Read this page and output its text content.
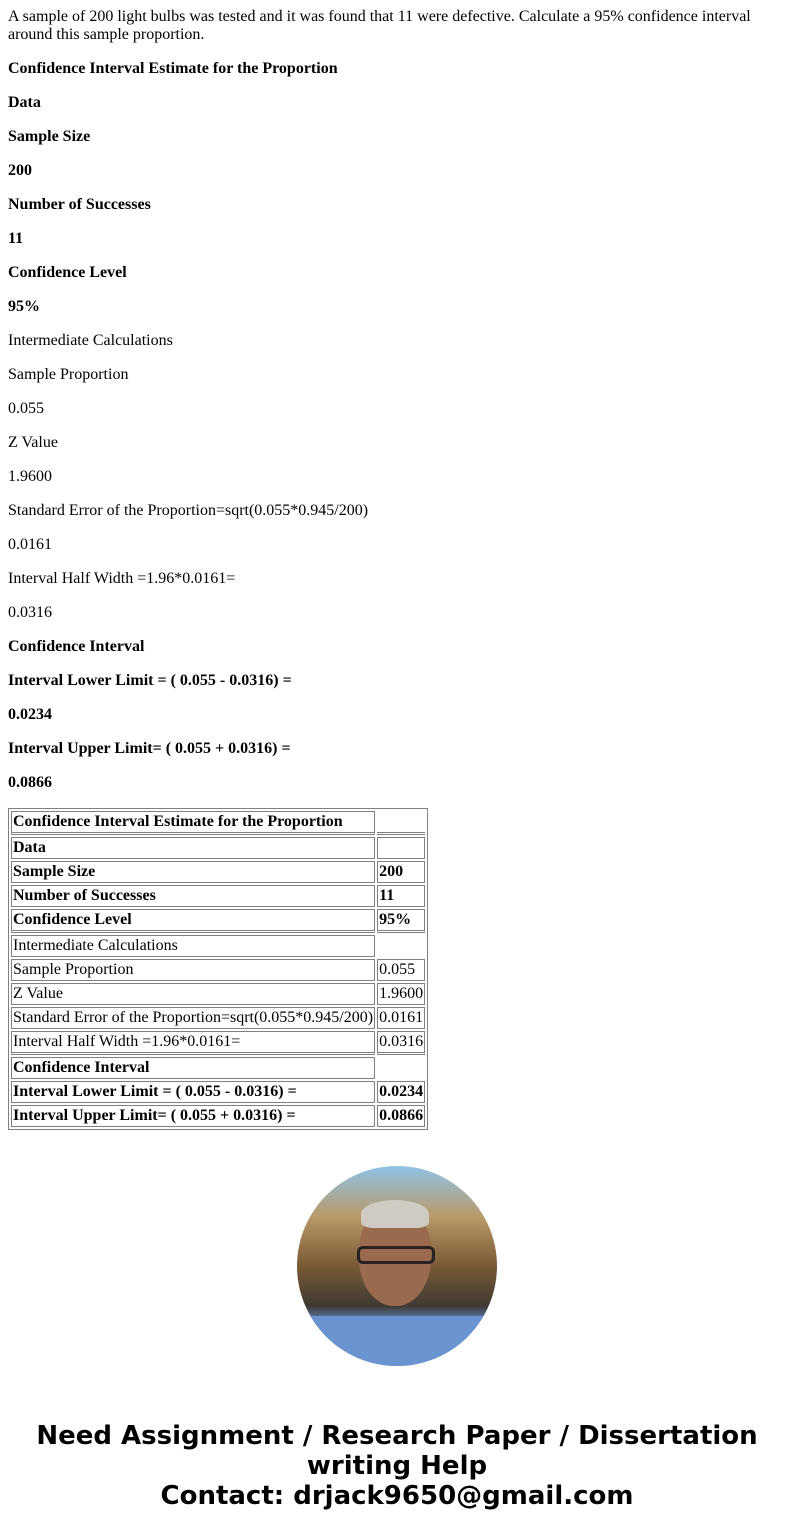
A sample of 200 light bulbs was tested and it was found that 11 were defective. Calculate a 95% confidence interval around this sample proportion.

Confidence Interval Estimate for the Proportion

Data

Sample Size

200

Number of Successes

11

Confidence Level

95%

Intermediate Calculations

Sample Proportion

0.055

Z Value

1.9600

Standard Error of the Proportion=sqrt(0.055*0.945/200)

0.0161

Interval Half Width =1.96*0.0161=

0.0316

Confidence Interval

Interval Lower Limit = ( 0.055 - 0.0316) =

0.0234

Interval Upper Limit= ( 0.055 + 0.0316) =

0.0866

Confidence Interval Estimate for the Proportion	
Data	
Sample Size	200
Number of Successes	11
Confidence Level	95%
Intermediate Calculations	
Sample Proportion	0.055
Z Value	1.9600
Standard Error of the Proportion=sqrt(0.055*0.945/200)	0.0161
Interval Half Width =1.96*0.0161=	0.0316
Confidence Interval	
Interval Lower Limit = ( 0.055 - 0.0316) =	0.0234
Interval Upper Limit= ( 0.055 + 0.0316) =	0.0866
Need Assignment / Research Paper / Dissertation writing Help
Contact: drjack9650@gmail.com
